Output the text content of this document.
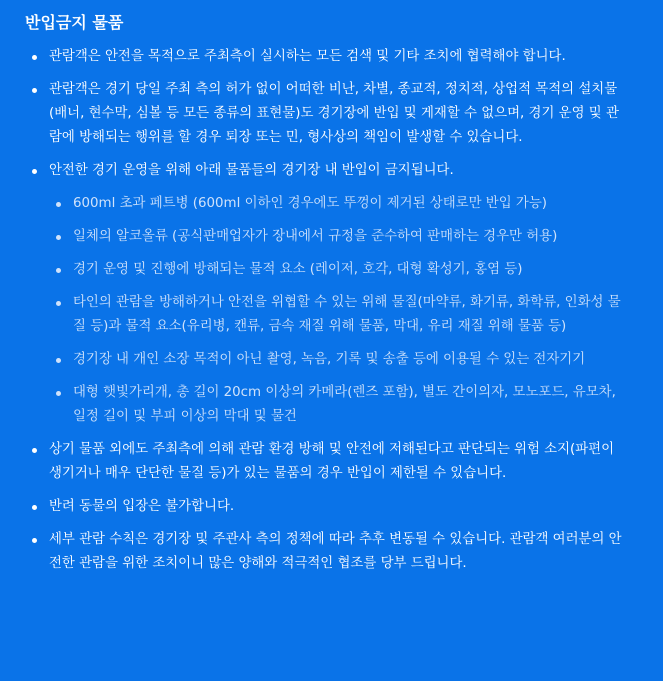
반입금지 물품
관람객은 안전을 목적으로 주최측이 실시하는 모든 검색 및 기타 조치에 협력해야 합니다.
관람객은 경기 당일 주최 측의 허가 없이 어떠한 비난, 차별, 종교적, 정치적, 상업적 목적의 설치물(배너, 현수막, 심볼 등 모든 종류의 표현물)도 경기장에 반입 및 게재할 수 없으며, 경기 운영 및 관람에 방해되는 행위를 할 경우 퇴장 또는 민, 형사상의 책임이 발생할 수 있습니다.
안전한 경기 운영을 위해 아래 물품들의 경기장 내 반입이 금지됩니다.
600ml 초과 페트병 (600ml 이하인 경우에도 뚜껑이 제거된 상태로만 반입 가능)
일체의 알코올류 (공식판매업자가 장내에서 규정을 준수하여 판매하는 경우만 허용)
경기 운영 및 진행에 방해되는 물적 요소 (레이저, 호각, 대형 확성기, 홍염 등)
타인의 관람을 방해하거나 안전을 위협할 수 있는 위해 물질(마약류, 화기류, 화학류, 인화성 물질 등)과 물적 요소(유리병, 캔류, 금속 재질 위해 물품, 막대, 유리 재질 위해 물품 등)
경기장 내 개인 소장 목적이 아닌 촬영, 녹음, 기록 및 송출 등에 이용될 수 있는 전자기기
대형 햇빛가리개, 총 길이 20cm 이상의 카메라(렌즈 포함), 별도 간이의자, 모노포드, 유모차, 일정 길이 및 부피 이상의 막대 및 물건
상기 물품 외에도 주최측에 의해 관람 환경 방해 및 안전에 저해된다고 판단되는 위험 소지(파편이 생기거나 매우 단단한 물질 등)가 있는 물품의 경우 반입이 제한될 수 있습니다.
반려 동물의 입장은 불가합니다.
세부 관람 수칙은 경기장 및 주관사 측의 정책에 따라 추후 변동될 수 있습니다. 관람객 여러분의 안전한 관람을 위한 조치이니 많은 양해와 적극적인 협조를 당부 드립니다.
